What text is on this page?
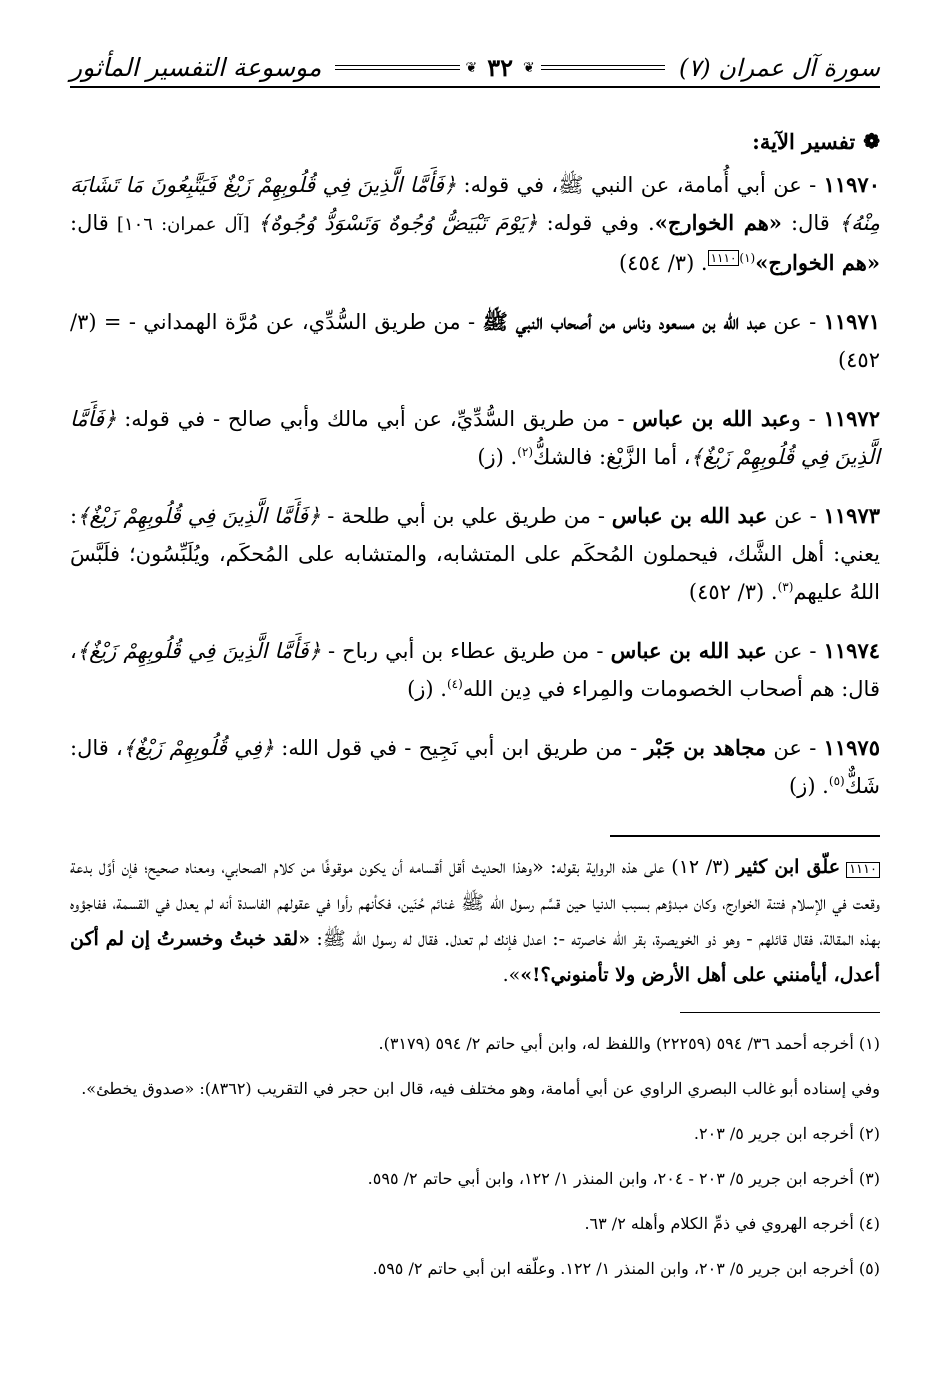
سورة آل عمران (٧)
❦
٣٢
❦
موسوعة التفسير المأثور
❁
تفسير الآية:

١١٩٧٠ - عن أبي أُمامة، عن النبي ﷺ، في قوله: ﴿فَأَمَّا الَّذِينَ فِي قُلُوبِهِمْ زَيْغٌ فَيَتَّبِعُونَ مَا تَشَابَهَ مِنْهُ﴾ قال: «هم الخوارج». وفي قوله: ﴿يَوْمَ تَبْيَضُّ وُجُوهٌ وَتَسْوَدُّ وُجُوهٌ﴾ [آل عمران: ١٠٦] قال: «هم الخوارج»$^{(١)}$١١١٠. (٣/ ٤٥٤)

١١٩٧١ - عن عبد الله بن مسعود وناس من أصحاب النبي ﷺ - من طريق السُّدِّي، عن مُرَّة الهمداني - = (٣/ ٤٥٢)

١١٩٧٢ - وعبد الله بن عباس - من طريق السُّدِّيِّ، عن أبي مالك وأبي صالح - في قوله: ﴿فَأَمَّا الَّذِينَ فِي قُلُوبِهِمْ زَيْغٌ﴾، أما الزَّيْغ: فالشكُّ$^{(٢)}$. (ز)

١١٩٧٣ - عن عبد الله بن عباس - من طريق علي بن أبي طلحة - ﴿فَأَمَّا الَّذِينَ فِي قُلُوبِهِمْ زَيْغٌ﴾: يعني: أهل الشَّك، فيحملون المُحكَم على المتشابه، والمتشابه على المُحكَم، ويُلَبِّسُون؛ فلَبَّسَ اللهُ عليهم$^{(٣)}$. (٣/ ٤٥٢)

١١٩٧٤ - عن عبد الله بن عباس - من طريق عطاء بن أبي رباح - ﴿فَأَمَّا الَّذِينَ فِي قُلُوبِهِمْ زَيْغٌ﴾، قال: هم أصحاب الخصومات والمِراء في دِين الله$^{(٤)}$. (ز)

١١٩٧٥ - عن مجاهد بن جَبْر - من طريق ابن أبي نَجِيح - في قول الله: ﴿فِي قُلُوبِهِمْ زَيْغٌ﴾، قال: شَكٌّ$^{(٥)}$. (ز)

١١١٠علّق ابن كثير (٣/ ١٢) على هذه الرواية بقوله: «وهذا الحديث أقل أقسامه أن يكون موقوفًا من كلام الصحابي، ومعناه صحيح؛ فإن أوَّل بدعة وقعت في الإسلام فتنة الخوارج، وكان مبدؤهم بسبب الدنيا حين قسَّم رسول الله ﷺ غنائم حُنَين، فكأنهم رأوا في عقولهم الفاسدة أنه لم يعدل في القسمة، ففاجؤوه بهذه المقالة، فقال قائلهم - وهو ذو الخويصرة، بقر الله خاصرته -: اعدل فإنك لم تعدل. فقال له رسول الله ﷺ: «لقد خبتُ وخسرتُ إن لم أكن أعدل، أيأمنني على أهل الأرض ولا تأمنوني؟!»».

(١) أخرجه أحمد ٣٦/ ٥٩٤ (٢٢٢٥٩) واللفظ له، وابن أبي حاتم ٢/ ٥٩٤ (٣١٧٩).

وفي إسناده أبو غالب البصري الراوي عن أبي أمامة، وهو مختلف فيه، قال ابن حجر في التقريب (٨٣٦٢): «صدوق يخطئ».

(٢) أخرجه ابن جرير ٥/ ٢٠٣.

(٣) أخرجه ابن جرير ٥/ ٢٠٣ - ٢٠٤، وابن المنذر ١/ ١٢٢، وابن أبي حاتم ٢/ ٥٩٥.

(٤) أخرجه الهروي في ذمِّ الكلام وأهله ٢/ ٦٣.

(٥) أخرجه ابن جرير ٥/ ٢٠٣، وابن المنذر ١/ ١٢٢. وعلّقه ابن أبي حاتم ٢/ ٥٩٥.
